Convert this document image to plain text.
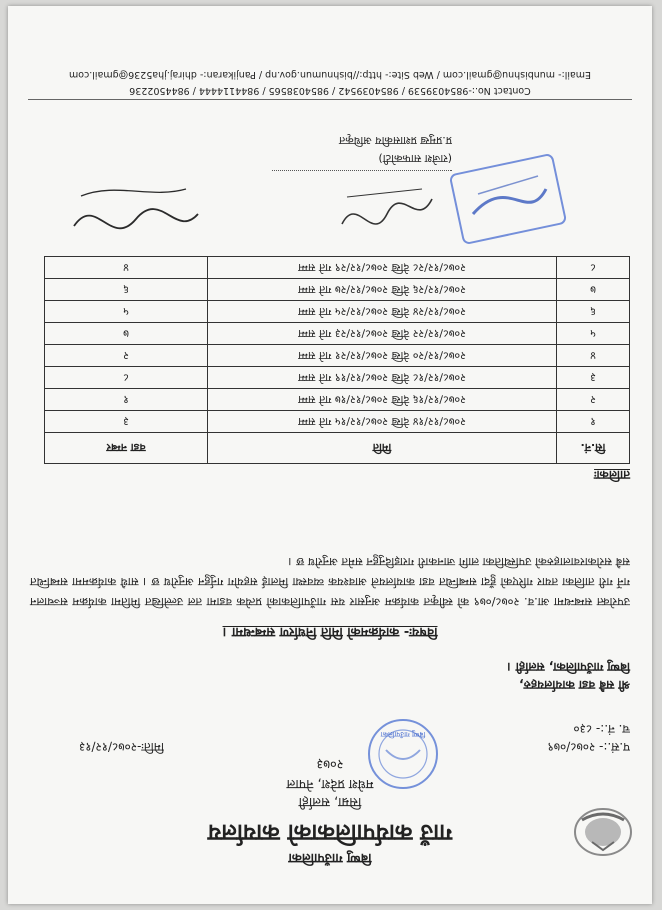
बिष्णु गाउँपालिका
गाउँ कार्यपालिकाको कार्यालय
सिम्रा, सर्लाही
मधेश प्रदेश, नेपाल
२०७३
प.सं.:- २०७८/०७९
च. नं.:- ८३०
मितिः-२०७८/१२/१३
बिष्णु गाउँपालिका
श्री सबै वडा कार्यालयहरु,
बिष्णु गाउँपालिका, सर्लाही ।
विषयः- कार्यक्रमको मिति निर्धारण सम्बन्धमा ।
उपरोक्त सम्बन्धमा आ.व. २०७८/०७९ को स्वीकृत कार्यक्रम अनुसार यस गाउँपालिकाको प्रत्येक वडामा तल उल्लेखित मितिमा कार्यक्रम सञ्चालन गर्ने गरी तालिका तयार गरिएको हुँदा सम्बन्धित वडा कार्यालयले आवश्यक व्यवस्था मिलाई सहयोग गर्नुहुन अनुरोध छ । साथै कार्यक्रममा सम्बन्धित सबै सरोकारवालाहरुको उपस्थितिका लागि जानकारी गराइदिनुहुन समेत अनुरोध छ ।
तालिकाः
सि.नं.	मिति	वडा नम्बर
१	२०७८/१२/१४ देखि २०७८/१२/१५ गते सम्म	३
२	२०७८/१२/१६ देखि २०७८/१२/१७ गते सम्म	१
३	२०७८/१२/१८ देखि २०७८/१२/१९ गते सम्म	८
४	२०७८/१२/२० देखि २०७८/१२/२१ गते सम्म	२
५	२०७८/१२/२२ देखि २०७८/१२/२३ गते सम्म	७
६	२०७८/१२/२४ देखि २०७८/१२/२५ गते सम्म	५
७	२०७८/१२/२६ देखि २०७८/१२/२७ गते सम्म	६
८	२०७८/१२/२८ देखि २०७८/१२/२९ गते सम्म	४
(राजेश साफकोटी)
प्र.प्रमुख प्रशासकीय अधिकृत
Contact No.:-9854039539 / 9854039542 / 9854038565 / 9844114444 / 9844502236
Email:- munbishnu@gmail.com / Web Site:- http://bishnumun.gov.np / Panjikaran:- dhiraj.jha5236@gmail.com
